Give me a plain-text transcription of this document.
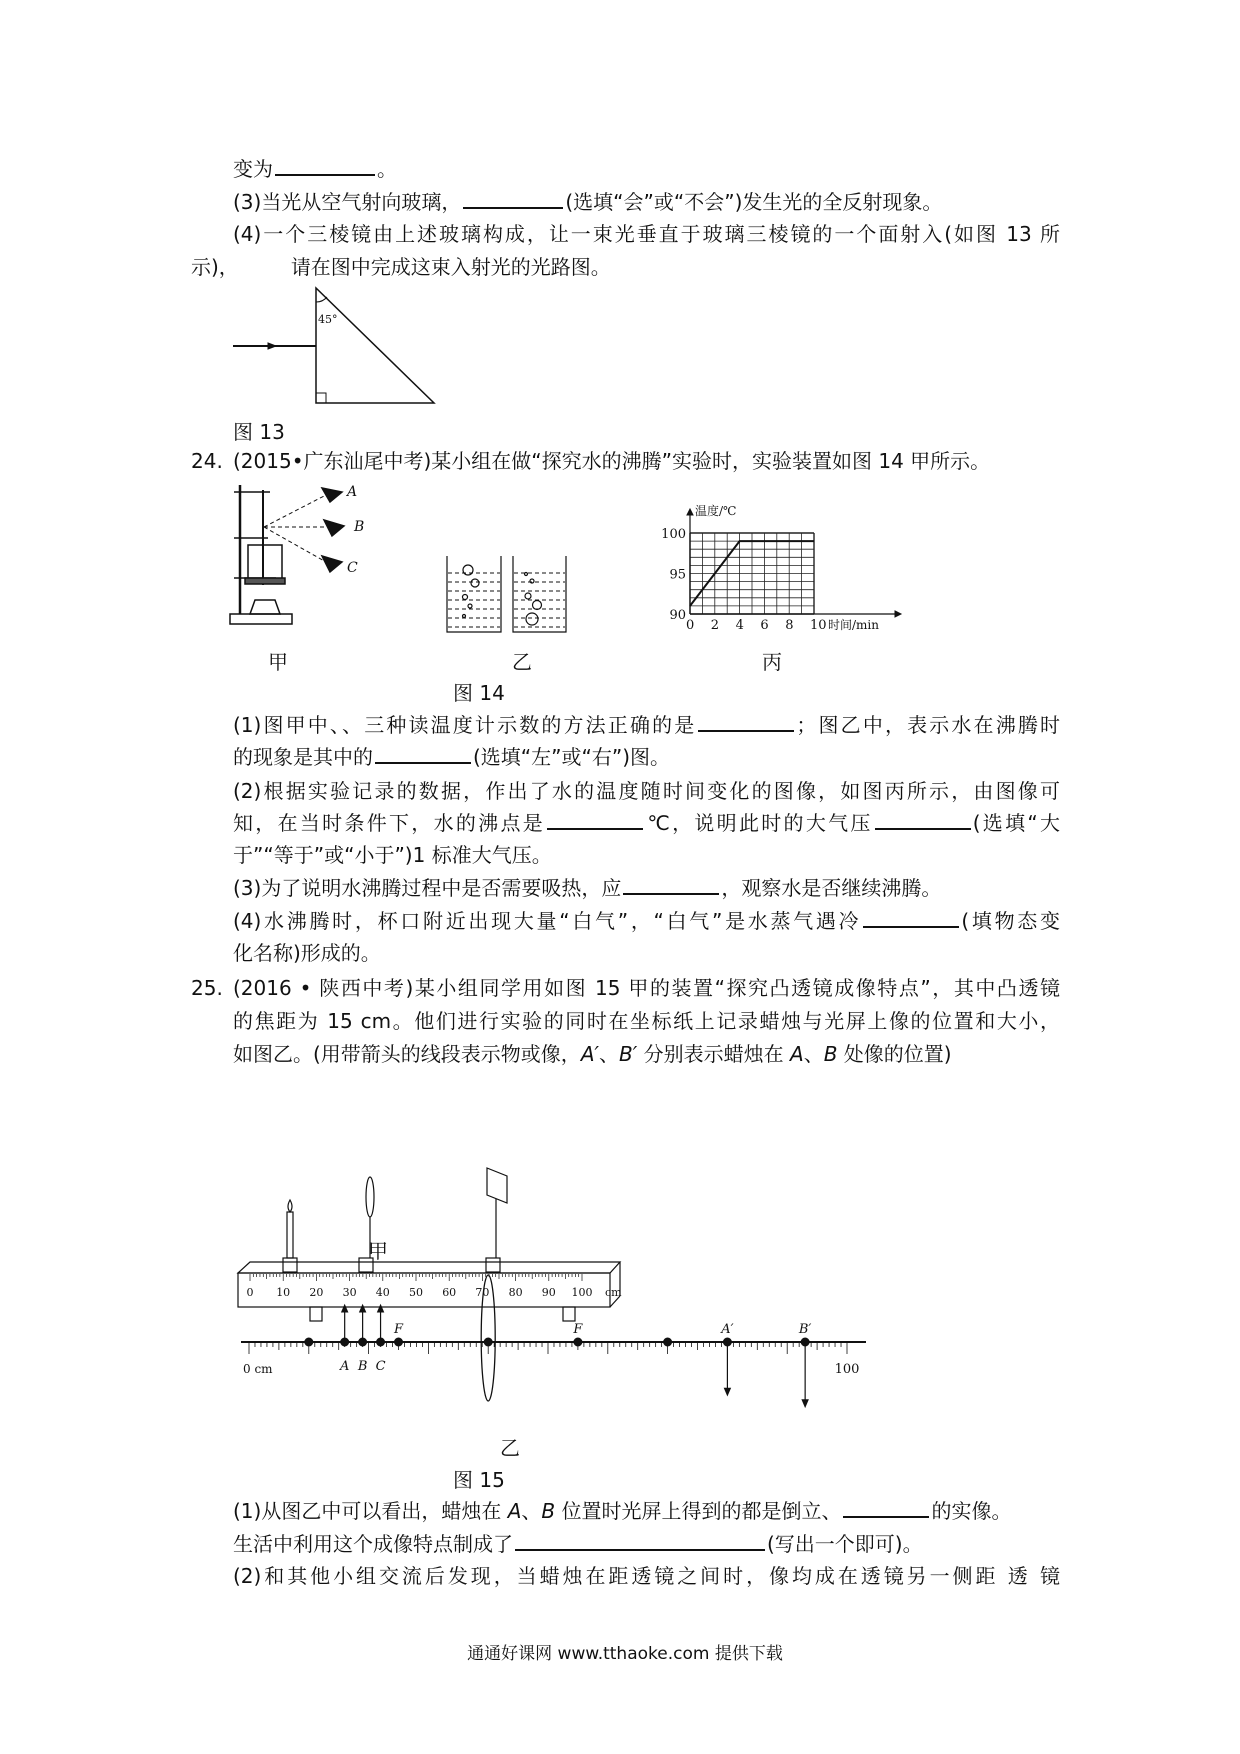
变为	。
(3)当光从空气射向玻璃，	(选填“会”或“不会”)发生光的全反射现象。
(4)一个三棱镜由上述玻璃构成，让一束光垂直于玻璃三棱镜的一个面射入(如图 13 所
示)，	请在图中完成这束入射光的光路图。
图 13
24. (2015•广东汕尾中考)某小组在做“探究水的沸腾”实验时，实验装置如图 14 甲所示。
甲	乙	丙
图 14
(1)图甲中、、三种读温度计示数的方法正确的是	；图乙中，表示水在沸腾时
的现象是其中的	(选填“左”或“右”)图。
(2)根据实验记录的数据，作出了水的温度随时间变化的图像，如图丙所示，由图像可
知，在当时条件下，水的沸点是	℃，说明此时的大气压	(选填“大
于”“等于”或“小于”)1 标准大气压。
(3)为了说明水沸腾过程中是否需要吸热，应	，观察水是否继续沸腾。
(4)水沸腾时，杯口附近出现大量“白气”，“白气”是水蒸气遇冷	(填物态变
化名称)形成的。
25. (2016 • 陕西中考)某小组同学用如图 15 甲的装置“探究凸透镜成像特点”，其中凸透镜
的焦距为 15 cm。他们进行实验的同时在坐标纸上记录蜡烛与光屏上像的位置和大小，
如图乙。(用带箭头的线段表示物或像，A′、B′ 分别表示蜡烛在 A、B 处像的位置)
甲
乙
图 15
(1)从图乙中可以看出，蜡烛在 A、B 位置时光屏上得到的都是倒立、	的实像。
生活中利用这个成像特点制成了	(写出一个即可)。
(2)和其他小组交流后发现，当蜡烛在距透镜之间时，像均成在透镜另一侧距 透 镜
通通好课网 www.tthaoke.com 提供下载
45°
A
B
C
0 2 4 6 8 10
90
95
100
时间/min
温度/℃
0 10 20 30 40 50 60 70 80 90 100 cm
A B C
F	F	A′	B′
0 cm	100
